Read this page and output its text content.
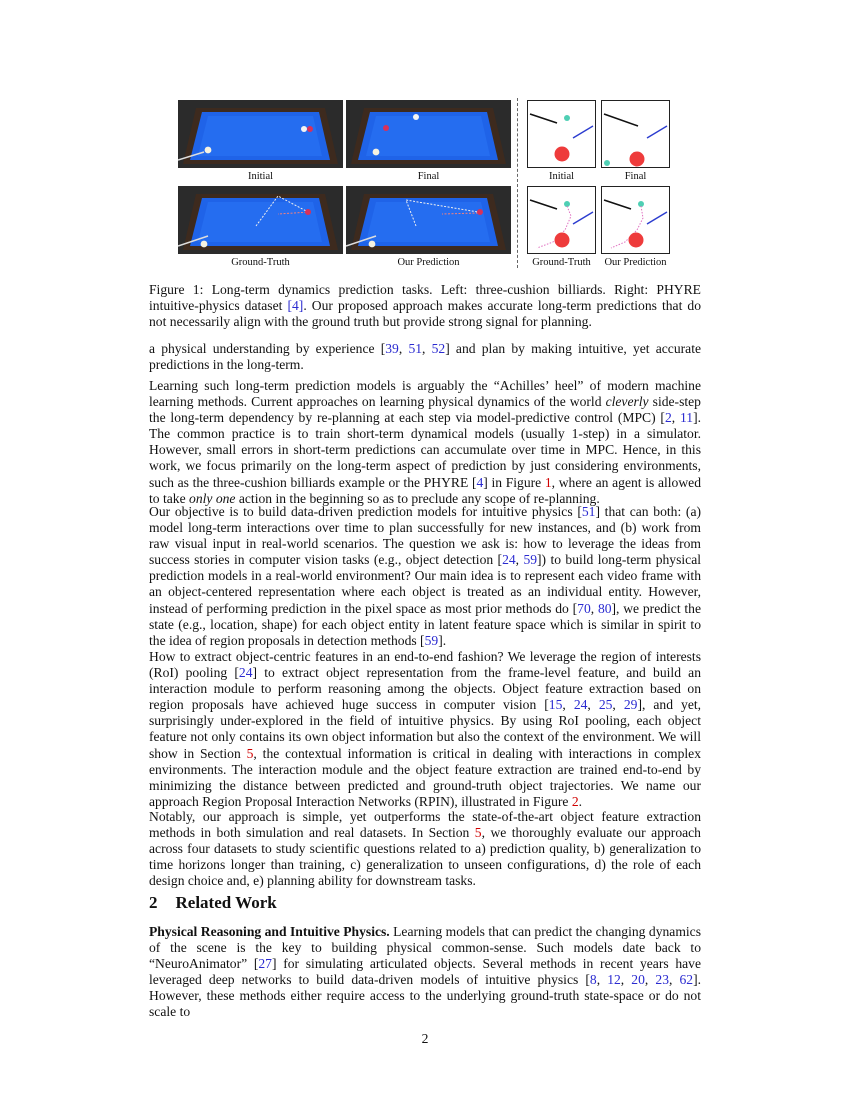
Initial	Final
Ground-Truth	Our Prediction
Initial	Final
Ground-Truth	Our Prediction

Figure 1: Long-term dynamics prediction tasks. Left: three-cushion billiards. Right: PHYRE intuitive-physics dataset [4]. Our proposed approach makes accurate long-term predictions that do not necessarily align with the ground truth but provide strong signal for planning.

a physical understanding by experience [39, 51, 52] and plan by making intuitive, yet accurate predictions in the long-term.

Learning such long-term prediction models is arguably the “Achilles’ heel” of modern machine learning methods. Current approaches on learning physical dynamics of the world cleverly side-step the long-term dependency by re-planning at each step via model-predictive control (MPC) [2, 11]. The common practice is to train short-term dynamical models (usually 1-step) in a simulator. However, small errors in short-term predictions can accumulate over time in MPC. Hence, in this work, we focus primarily on the long-term aspect of prediction by just considering environments, such as the three-cushion billiards example or the PHYRE [4] in Figure 1, where an agent is allowed to take only one action in the beginning so as to preclude any scope of re-planning.

Our objective is to build data-driven prediction models for intuitive physics [51] that can both: (a) model long-term interactions over time to plan successfully for new instances, and (b) work from raw visual input in real-world scenarios. The question we ask is: how to leverage the ideas from success stories in computer vision tasks (e.g., object detection [24, 59]) to build long-term physical prediction models in a real-world environment? Our main idea is to represent each video frame with an object-centered representation where each object is treated as an individual entity. However, instead of performing prediction in the pixel space as most prior methods do [70, 80], we predict the state (e.g., location, shape) for each object entity in latent feature space which is similar in spirit to the idea of region proposals in detection methods [59].

How to extract object-centric features in an end-to-end fashion? We leverage the region of interests (RoI) pooling [24] to extract object representation from the frame-level feature, and build an interaction module to perform reasoning among the objects. Object feature extraction based on region proposals have achieved huge success in computer vision [15, 24, 25, 29], and yet, surprisingly under-explored in the field of intuitive physics. By using RoI pooling, each object feature not only contains its own object information but also the context of the environment. We will show in Section 5, the contextual information is critical in dealing with interactions in complex environments. The interaction module and the object feature extraction are trained end-to-end by minimizing the distance between predicted and ground-truth object trajectories. We name our approach Region Proposal Interaction Networks (RPIN), illustrated in Figure 2.

Notably, our approach is simple, yet outperforms the state-of-the-art object feature extraction methods in both simulation and real datasets. In Section 5, we thoroughly evaluate our approach across four datasets to study scientific questions related to a) prediction quality, b) generalization to time horizons longer than training, c) generalization to unseen configurations, d) the role of each design choice and, e) planning ability for downstream tasks.

2 Related Work

Physical Reasoning and Intuitive Physics. Learning models that can predict the changing dynamics of the scene is the key to building physical common-sense. Such models date back to “NeuroAnimator” [27] for simulating articulated objects. Several methods in recent years have leveraged deep networks to build data-driven models of intuitive physics [8, 12, 20, 23, 62]. However, these methods either require access to the underlying ground-truth state-space or do not scale to

2
